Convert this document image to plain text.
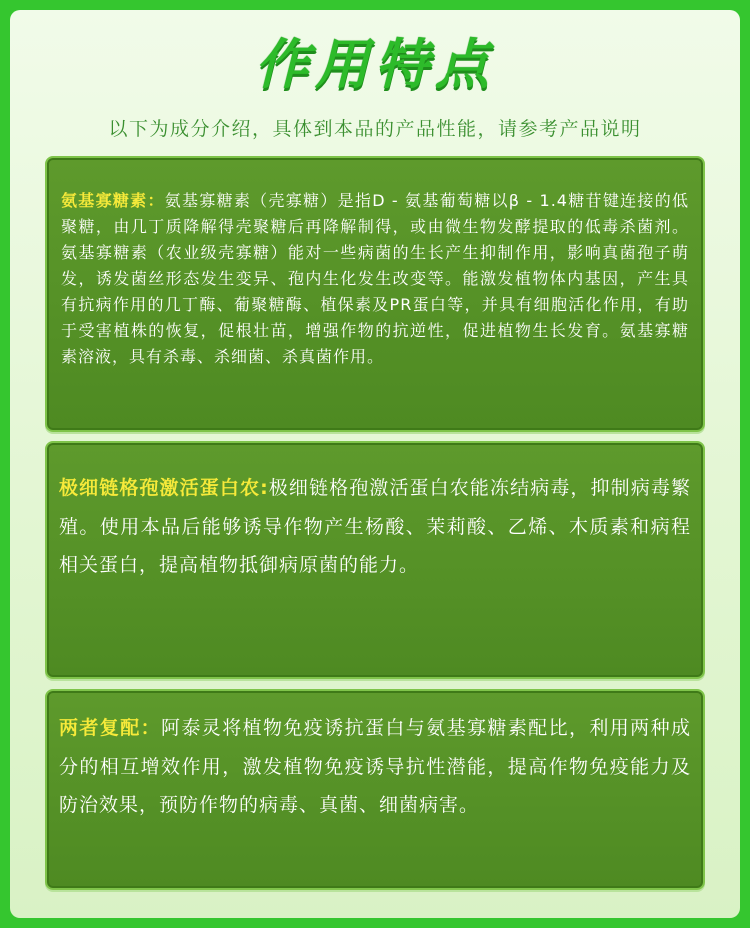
作用特点
以下为成分介绍，具体到本品的产品性能，请参考产品说明
氨基寡糖素：氨基寡糖素（壳寡糖）是指D - 氨基葡萄糖以β - 1.4糖苷键连接的低聚糖，由几丁质降解得壳聚糖后再降解制得，或由微生物发酵提取的低毒杀菌剂。 氨基寡糖素（农业级壳寡糖）能对一些病菌的生长产生抑制作用，影响真菌孢子萌发，诱发菌丝形态发生变异、孢内生化发生改变等。能激发植物体内基因，产生具有抗病作用的几丁酶、葡聚糖酶、植保素及PR蛋白等，并具有细胞活化作用，有助于受害植株的恢复，促根壮苗，增强作物的抗逆性，促进植物生长发育。氨基寡糖素溶液，具有杀毒、杀细菌、杀真菌作用。
极细链格孢激活蛋白农:极细链格孢激活蛋白农能冻结病毒，抑制病毒繁殖。使用本品后能够诱导作物产生杨酸、茉莉酸、乙烯、木质素和病程相关蛋白，提高植物抵御病原菌的能力。
两者复配：阿泰灵将植物免疫诱抗蛋白与氨基寡糖素配比，利用两种成分的相互增效作用，激发植物免疫诱导抗性潜能，提高作物免疫能力及防治效果，预防作物的病毒、真菌、细菌病害。
